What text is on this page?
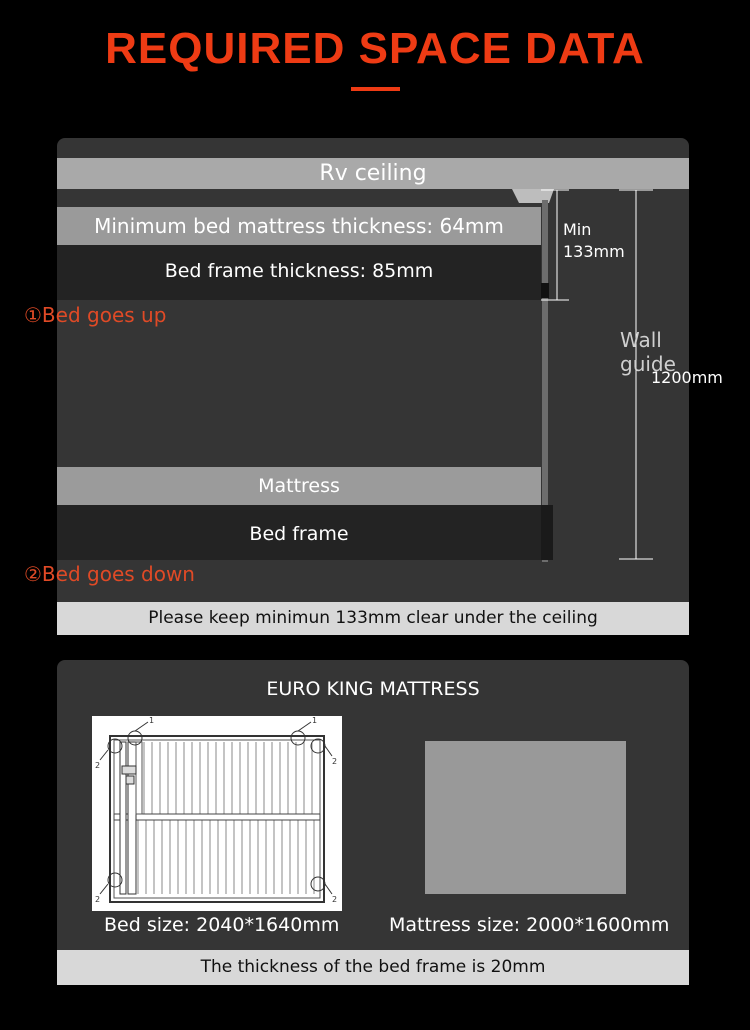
REQUIRED SPACE DATA
Rv ceiling
Minimum bed mattress thickness: 64mm
Bed frame thickness: 85mm
Mattress
Bed frame
Min
133mm
Wall guide
1200mm
Please keep minimun 133mm clear under the ceiling
①Bed goes up
②Bed goes down
EURO KING MATTRESS
1	1
2
2
2
2
Bed size: 2040*1640mm	Mattress size: 2000*1600mm
The thickness of the bed frame is 20mm
